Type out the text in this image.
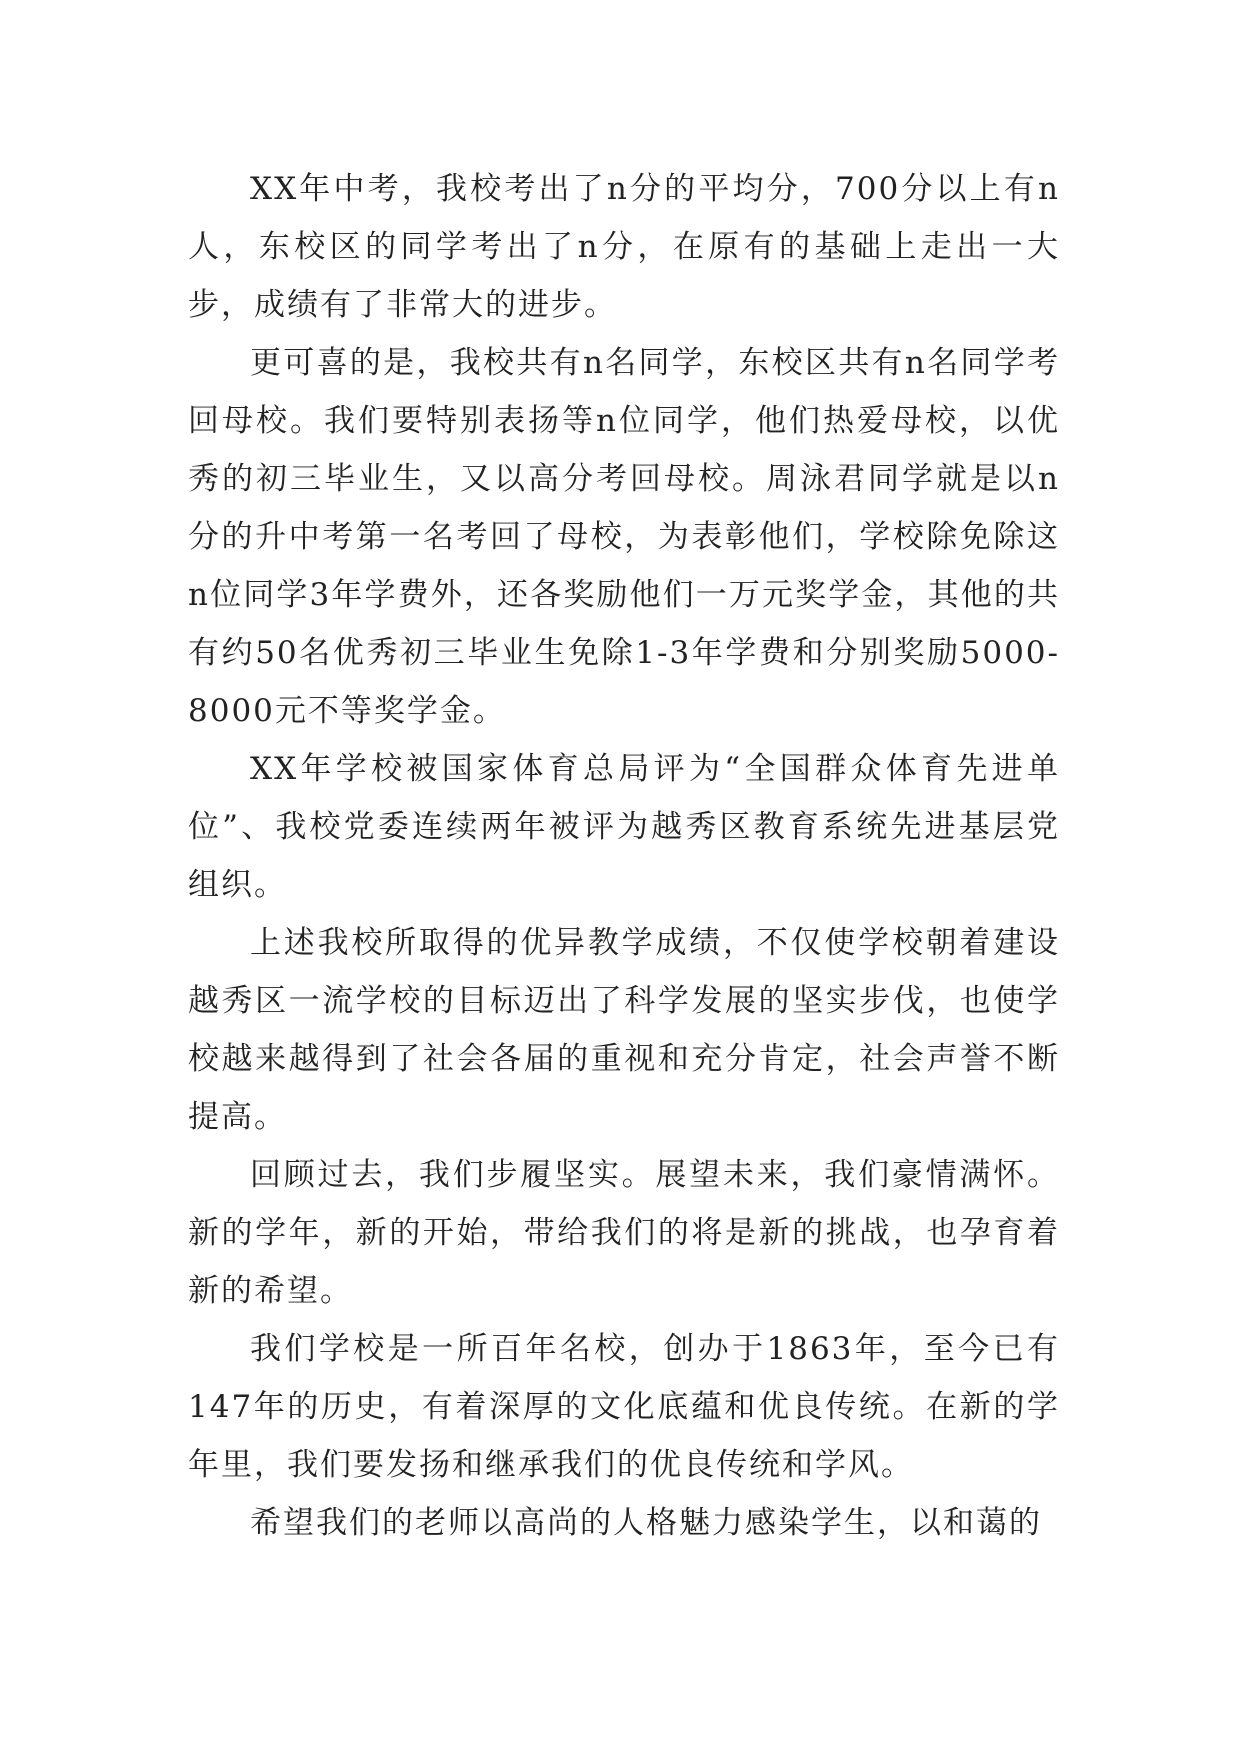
XX年中考，我校考出了n分的平均分，700分以上有n人，东校区的同学考出了n分，在原有的基础上走出一大步，成绩有了非常大的进步。

更可喜的是，我校共有n名同学，东校区共有n名同学考回母校。我们要特别表扬等n位同学，他们热爱母校，以优秀的初三毕业生，又以高分考回母校。周泳君同学就是以n分的升中考第一名考回了母校，为表彰他们，学校除免除这n位同学3年学费外，还各奖励他们一万元奖学金，其他的共有约50名优秀初三毕业生免除1-3年学费和分别奖励5000-8000元不等奖学金。

XX年学校被国家体育总局评为“全国群众体育先进单位”、我校党委连续两年被评为越秀区教育系统先进基层党组织。

上述我校所取得的优异教学成绩，不仅使学校朝着建设越秀区一流学校的目标迈出了科学发展的坚实步伐，也使学校越来越得到了社会各届的重视和充分肯定，社会声誉不断提高。

回顾过去，我们步履坚实。展望未来，我们豪情满怀。新的学年，新的开始，带给我们的将是新的挑战，也孕育着新的希望。

我们学校是一所百年名校，创办于1863年，至今已有147年的历史，有着深厚的文化底蕴和优良传统。在新的学年里，我们要发扬和继承我们的优良传统和学风。

希望我们的老师以高尚的人格魅力感染学生，以和蔼的
